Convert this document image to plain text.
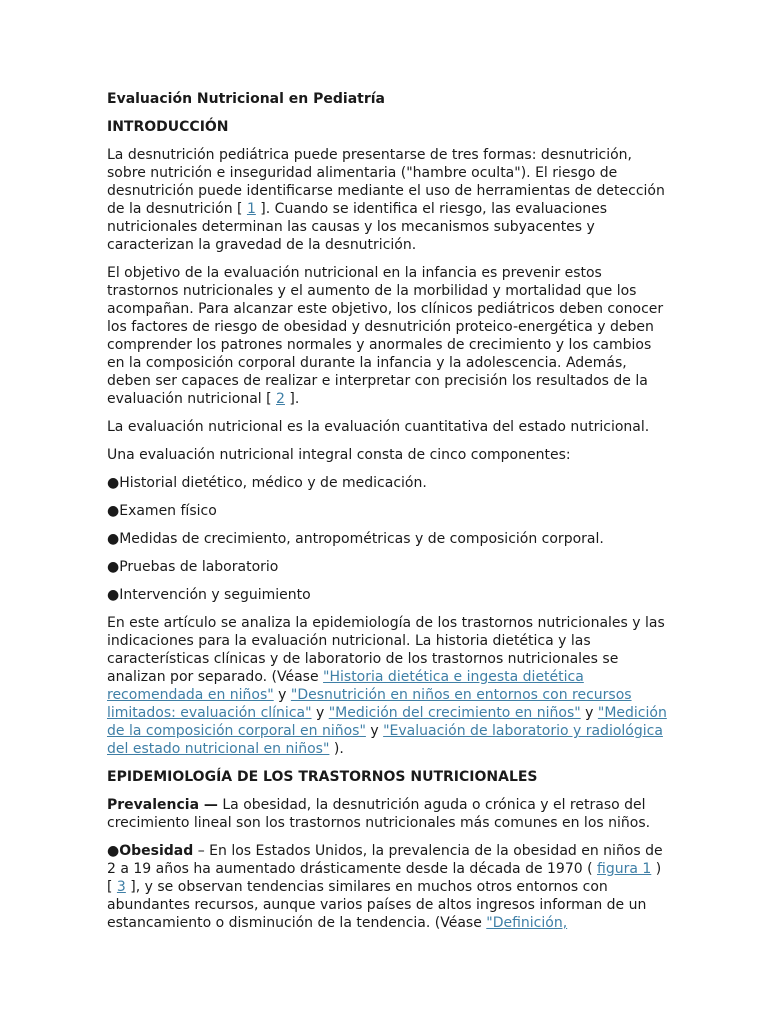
Evaluación Nutricional en Pediatría

INTRODUCCIÓN

La desnutrición pediátrica puede presentarse de tres formas: desnutrición, sobre nutrición e inseguridad alimentaria ("hambre oculta"). El riesgo de desnutrición puede identificarse mediante el uso de herramientas de detección de la desnutrición [ 1 ]. Cuando se identifica el riesgo, las evaluaciones nutricionales determinan las causas y los mecanismos subyacentes y caracterizan la gravedad de la desnutrición.

El objetivo de la evaluación nutricional en la infancia es prevenir estos trastornos nutricionales y el aumento de la morbilidad y mortalidad que los acompañan. Para alcanzar este objetivo, los clínicos pediátricos deben conocer los factores de riesgo de obesidad y desnutrición proteico-energética y deben comprender los patrones normales y anormales de crecimiento y los cambios en la composición corporal durante la infancia y la adolescencia. Además, deben ser capaces de realizar e interpretar con precisión los resultados de la evaluación nutricional [ 2 ].

La evaluación nutricional es la evaluación cuantitativa del estado nutricional.

Una evaluación nutricional integral consta de cinco componentes:

●Historial dietético, médico y de medicación.

●Examen físico

●Medidas de crecimiento, antropométricas y de composición corporal.

●Pruebas de laboratorio

●Intervención y seguimiento

En este artículo se analiza la epidemiología de los trastornos nutricionales y las indicaciones para la evaluación nutricional. La historia dietética y las características clínicas y de laboratorio de los trastornos nutricionales se analizan por separado. (Véase "Historia dietética e ingesta dietética recomendada en niños" y "Desnutrición en niños en entornos con recursos limitados: evaluación clínica" y "Medición del crecimiento en niños" y "Medición de la composición corporal en niños" y "Evaluación de laboratorio y radiológica del estado nutricional en niños" ).

EPIDEMIOLOGÍA DE LOS TRASTORNOS NUTRICIONALES

Prevalencia — La obesidad, la desnutrición aguda o crónica y el retraso del crecimiento lineal son los trastornos nutricionales más comunes en los niños.

●Obesidad – En los Estados Unidos, la prevalencia de la obesidad en niños de 2 a 19 años ha aumentado drásticamente desde la década de 1970 ( figura 1 ) [ 3 ], y se observan tendencias similares en muchos otros entornos con abundantes recursos, aunque varios países de altos ingresos informan de un estancamiento o disminución de la tendencia. (Véase "Definición,
